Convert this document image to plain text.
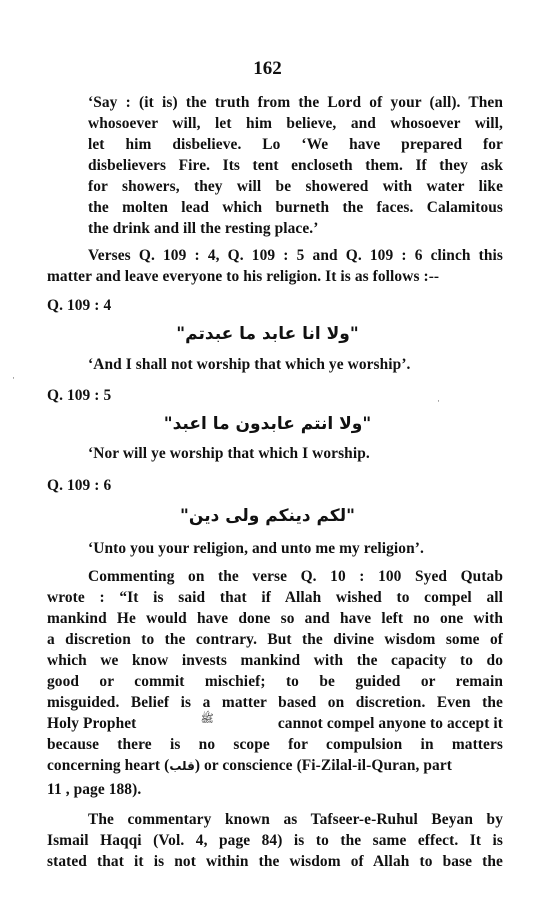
162
‘Say : (it is) the truth from the Lord of your (all). Then
whosoever will, let him believe, and whosoever will,
let him disbelieve. Lo ‘We have prepared for
disbelievers Fire. Its tent encloseth them. If they ask
for showers, they will be showered with water like
the molten lead which burneth the faces. Calamitous
the drink and ill the resting place.’
Verses Q. 109 : 4, Q. 109 : 5 and Q. 109 : 6 clinch this
matter and leave everyone to his religion. It is as follows :--
Q. 109 : 4
"ولا انا عابد ما عبدتم"
‘And I shall not worship that which ye worship’.
Q. 109 : 5
"ولا انتم عابدون ما اعبد"
‘Nor will ye worship that which I worship.
Q. 109 : 6
"لكم دينكم ولى دين"
‘Unto you your religion, and unto me my religion’.
Commenting on the verse Q. 10 : 100 Syed Qutab
wrote : “It is said that if Allah wished to compel all
mankind He would have done so and have left no one with
a discretion to the contrary. But the divine wisdom some of
which we know invests mankind with the capacity to do
good or commit mischief; to be guided or remain
misguided. Belief is a matter based on discretion. Even the
Holy Prophet	ﷺ	cannot compel anyone to accept it
because there is no scope for compulsion in matters
concerning heart (قلب) or conscience (Fi-Zilal-il-Quran, part
11 , page 188).
The commentary known as Tafseer-e-Ruhul Beyan by
Ismail Haqqi (Vol. 4, page 84) is to the same effect. It is
stated that it is not within the wisdom of Allah to base the
·
·
